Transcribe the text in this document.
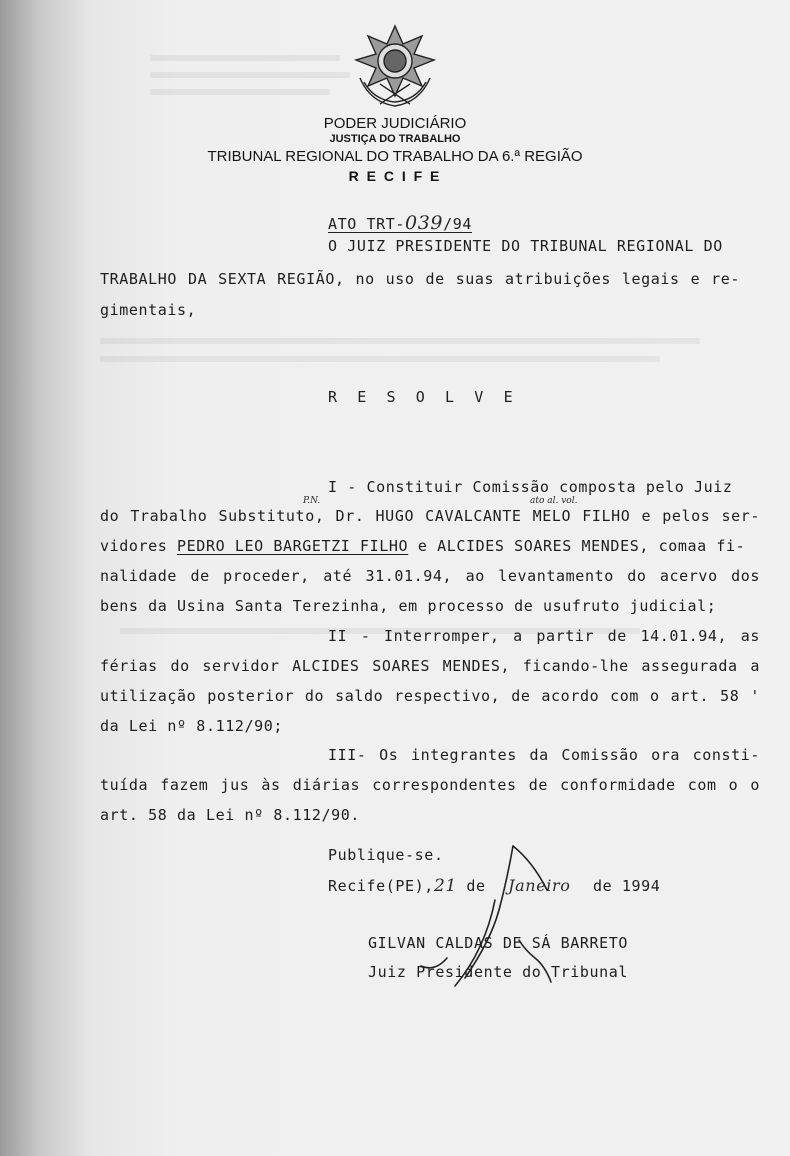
PODER JUDICIÁRIO
JUSTIÇA DO TRABALHO
TRIBUNAL REGIONAL DO TRABALHO DA 6.ª REGIÃO
R E C I F E
ATO TRT-039/94
O JUIZ PRESIDENTE DO TRIBUNAL REGIONAL DO
TRABALHO DA SEXTA REGIÃO, no uso de suas atribuições legais e re-
gimentais,
R E S O L V E
I - Constituir Comissão composta pelo Juiz
P.N.	ato al. vol.
do Trabalho Substituto, Dr. HUGO CAVALCANTE MELO FILHO e pelos ser-
vidores PEDRO LEO BARGETZI FILHO e ALCIDES SOARES MENDES, comaa fi-
nalidade de proceder, até 31.01.94, ao levantamento do acervo dos
bens da Usina Santa Terezinha, em processo de usufruto judicial;
II - Interromper, a partir de 14.01.94, as
férias do servidor ALCIDES SOARES MENDES, ficando-lhe assegurada a
utilização posterior do saldo respectivo, de acordo com o art. 58 '
da Lei nº 8.112/90;
III- Os integrantes da Comissão ora consti-
tuída fazem jus às diárias correspondentes de conformidade com o o
art. 58 da Lei nº 8.112/90.
Publique-se.
Recife(PE),21 de Janeiro de 1994
GILVAN CALDAS DE SÁ BARRETO
Juiz Presidente do Tribunal
